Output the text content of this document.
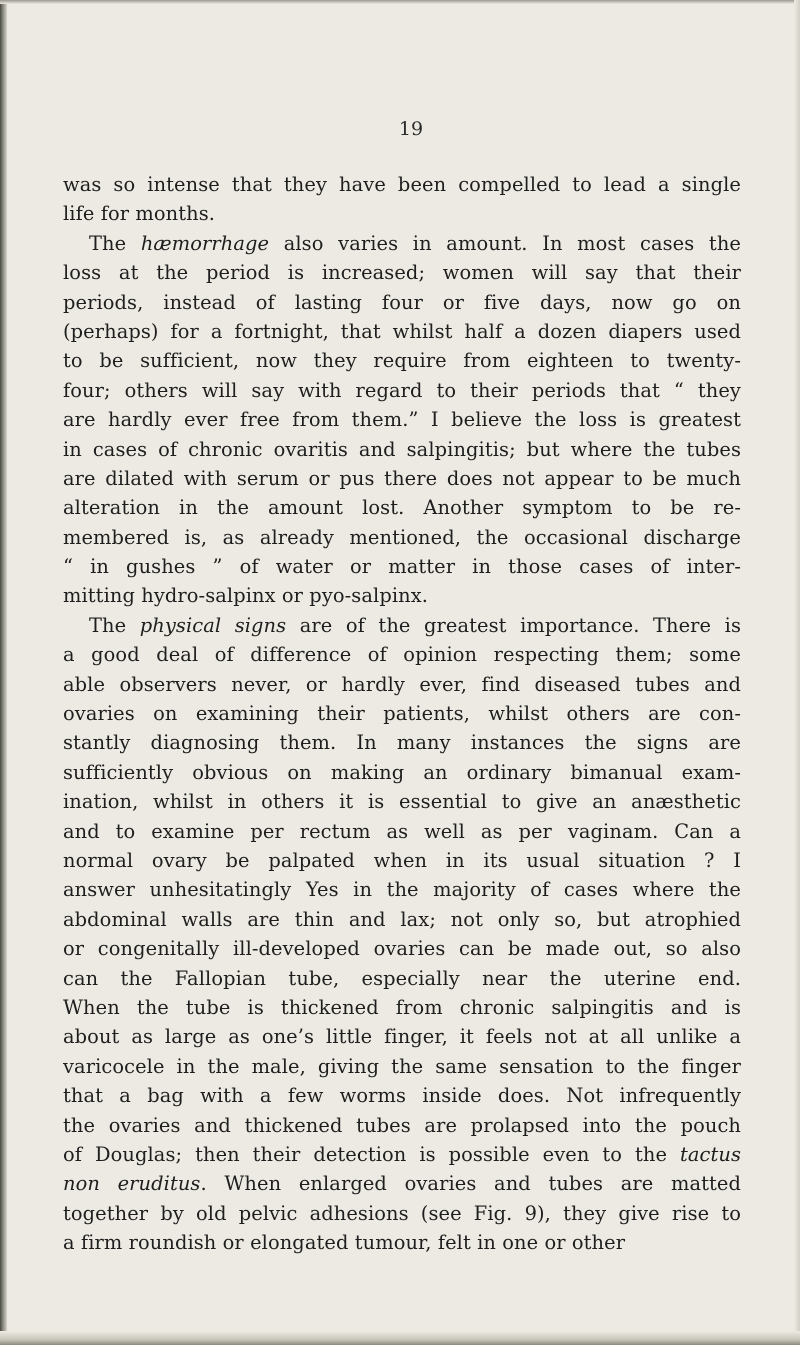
19

was so intense that they have been compelled to lead a single
life for months.
The hæmorrhage also varies in amount. In most cases the
loss at the period is increased; women will say that their
periods, instead of lasting four or five days, now go on
(perhaps) for a fortnight, that whilst half a dozen diapers used
to be sufficient, now they require from eighteen to twenty-
four; others will say with regard to their periods that “ they
are hardly ever free from them.” I believe the loss is greatest
in cases of chronic ovaritis and salpingitis; but where the tubes
are dilated with serum or pus there does not appear to be much
alteration in the amount lost. Another symptom to be re-
membered is, as already mentioned, the occasional discharge
“ in gushes ” of water or matter in those cases of inter-
mitting hydro-salpinx or pyo-salpinx.
The physical signs are of the greatest importance. There is
a good deal of difference of opinion respecting them; some
able observers never, or hardly ever, find diseased tubes and
ovaries on examining their patients, whilst others are con-
stantly diagnosing them. In many instances the signs are
sufficiently obvious on making an ordinary bimanual exam-
ination, whilst in others it is essential to give an anæsthetic
and to examine per rectum as well as per vaginam. Can a
normal ovary be palpated when in its usual situation ? I
answer unhesitatingly Yes in the majority of cases where the
abdominal walls are thin and lax; not only so, but atrophied
or congenitally ill-developed ovaries can be made out, so also
can the Fallopian tube, especially near the uterine end.
When the tube is thickened from chronic salpingitis and is
about as large as one’s little finger, it feels not at all unlike a
varicocele in the male, giving the same sensation to the finger
that a bag with a few worms inside does. Not infrequently
the ovaries and thickened tubes are prolapsed into the pouch
of Douglas; then their detection is possible even to the tactus
non eruditus. When enlarged ovaries and tubes are matted
together by old pelvic adhesions (see Fig. 9), they give rise to
a firm roundish or elongated tumour, felt in one or other
